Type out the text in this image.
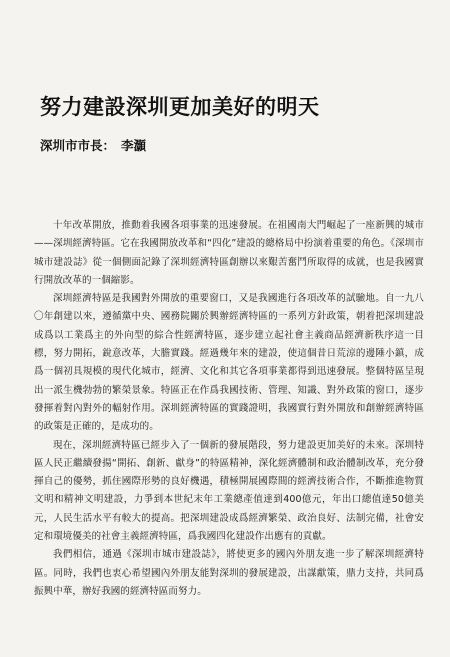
努力建設深圳更加美好的明天
深圳市市長： 李灝

十年改革開放，推動着我國各項事業的迅速發展。在祖國南大門崛起了一座新興的城市——深圳經濟特區。它在我國開放改革和“四化”建設的總格局中扮演着重要的角色。《深圳市城市建設誌》從一個側面記錄了深圳經濟特區創辦以來艱苦奮鬥所取得的成就，也是我國實行開放改革的一個縮影。

深圳經濟特區是我國對外開放的重要窗口，又是我國進行各項改革的試驗地。自一九八〇年創建以來，遵循黨中央、國務院關於興辦經濟特區的一系列方針政策，朝着把深圳建設成爲以工業爲主的外向型的綜合性經濟特區，逐步建立起社會主義商品經濟新秩序這一目標，努力開拓，銳意改革，大膽實踐。經過幾年來的建設，使這個昔日荒涼的邊陲小鎮，成爲一個初具規模的現代化城市，經濟、文化和其它各項事業都得到迅速發展。整個特區呈現出一派生機勃勃的繁榮景象。特區正在作爲我國技術、管理、知識、對外政策的窗口，逐步發揮着對內對外的輻射作用。深圳經濟特區的實踐證明，我國實行對外開放和創辦經濟特區的政策是正確的，是成功的。

現在，深圳經濟特區已經步入了一個新的發展階段，努力建設更加美好的未來。深圳特區人民正繼續發揚“開拓、創新、獻身”的特區精神，深化經濟體制和政治體制改革，充分發揮自己的優勢，抓住國際形勢的良好機遇，積極開展國際間的經濟技術合作，不斷推進物質文明和精神文明建設，力爭到本世紀末年工業總產值達到400億元，年出口總值達50億美元，人民生活水平有較大的提高。把深圳建設成爲經濟繁榮、政治良好、法制完備，社會安定和環境優美的社會主義經濟特區，爲我國四化建設作出應有的貢獻。

我們相信，通過《深圳市城市建設誌》，將使更多的國內外朋友進一步了解深圳經濟特區。同時，我們也衷心希望國內外朋友能對深圳的發展建設，出謀獻策，鼎力支持，共同爲振興中華，辦好我國的經濟特區而努力。
